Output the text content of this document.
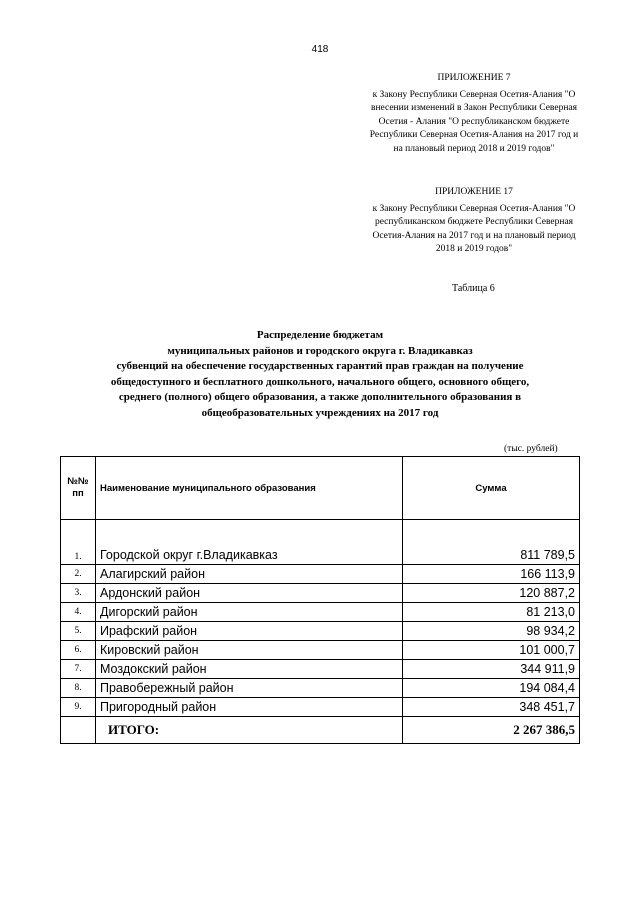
418
ПРИЛОЖЕНИЕ 7
к Закону Республики Северная Осетия-Алания "О внесении изменений в Закон Республики Северная Осетия - Алания "О республиканском бюджете Республики Северная Осетия-Алания на 2017 год и на плановый период 2018 и 2019 годов"
ПРИЛОЖЕНИЕ 17
к Закону Республики Северная Осетия-Алания "О республиканском бюджете Республики Северная Осетия-Алания на 2017 год и на плановый период 2018 и 2019 годов"
Таблица 6
Распределение бюджетам
муниципальных районов и городского округа г. Владикавказ
субвенций на обеспечение государственных гарантий прав граждан на получение
общедоступного и бесплатного дошкольного, начального общего, основного общего,
среднего (полного) общего образования, а также дополнительного образования в
общеобразовательных учреждениях на 2017 год
(тыс. рублей)
№№
пп	Наименование муниципального образования	Сумма
1.	Городской округ г.Владикавказ	811 789,5
2.	Алагирский район	166 113,9
3.	Ардонский район	120 887,2
4.	Дигорский район	81 213,0
5.	Ирафский район	98 934,2
6.	Кировский район	101 000,7
7.	Моздокский район	344 911,9
8.	Правобережный район	194 084,4
9.	Пригородный район	348 451,7
	ИТОГО:	2 267 386,5
